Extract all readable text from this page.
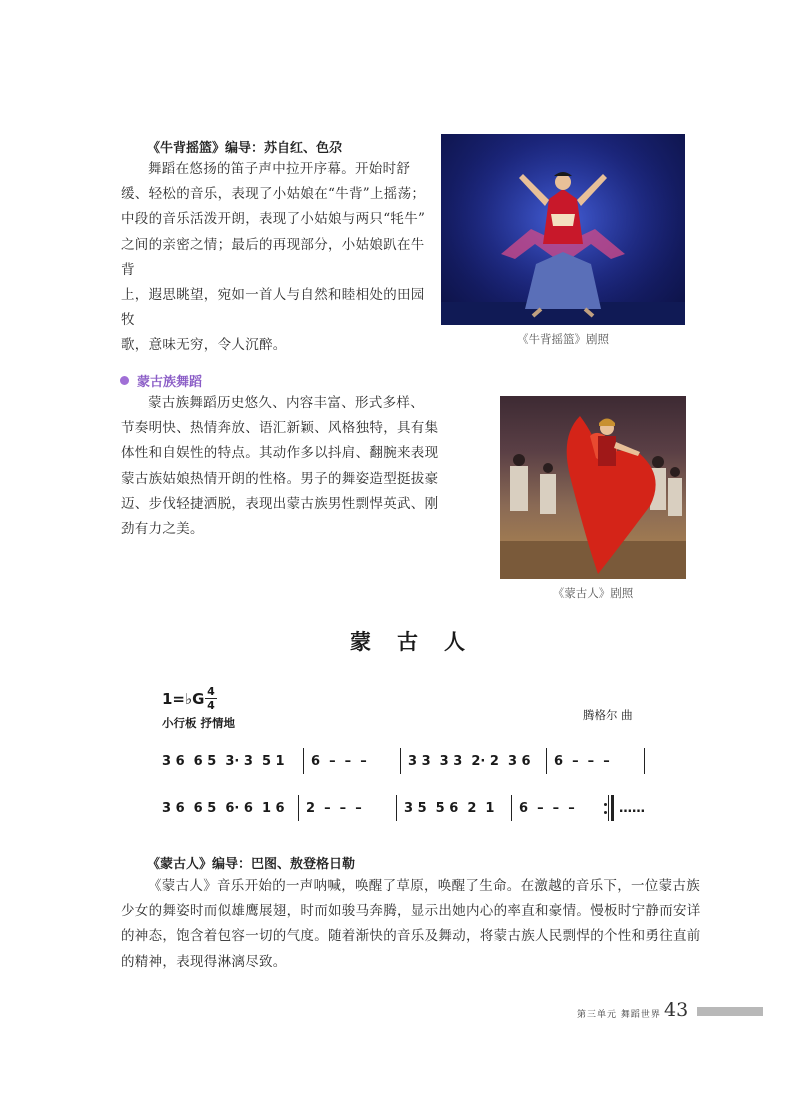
《牛背摇篮》编导：苏自红、色尕

舞蹈在悠扬的笛子声中拉开序幕。开始时舒

缓、轻松的音乐，表现了小姑娘在“牛背”上摇荡；

中段的音乐活泼开朗，表现了小姑娘与两只“牦牛”

之间的亲密之情；最后的再现部分，小姑娘趴在牛背

上，遐思眺望，宛如一首人与自然和睦相处的田园牧

歌，意味无穷，令人沉醉。	《牛背摇篮》剧照
蒙古族舞蹈

蒙古族舞蹈历史悠久、内容丰富、形式多样、

节奏明快、热情奔放、语汇新颖、风格独特，具有集

体性和自娱性的特点。其动作多以抖肩、翻腕来表现

蒙古族姑娘热情开朗的性格。男子的舞姿造型挺拔豪

迈、步伐轻捷洒脱，表现出蒙古族男性剽悍英武、刚

劲有力之美。

《蒙古人》剧照
蒙古人
1=♭G 4
4
小行板 抒情地
腾格尔 曲
3 6  6 5  3· 3  5 1 6  –  –  –	3 3  3 3  2· 2  3 6 6  –  –  –
3 6  6 5  6· 6  1 6 2  –  –  –	3 5  5 6  2  1 6  –  –  –	……
《蒙古人》编导：巴图、敖登格日勒

《蒙古人》音乐开始的一声呐喊，唤醒了草原，唤醒了生命。在激越的音乐下，一位蒙古族

少女的舞姿时而似雄鹰展翅，时而如骏马奔腾，显示出她内心的率直和豪情。慢板时宁静而安详

的神态，饱含着包容一切的气度。随着渐快的音乐及舞动，将蒙古族人民剽悍的个性和勇往直前

的精神，表现得淋漓尽致。

第三单元 舞蹈世界 43
